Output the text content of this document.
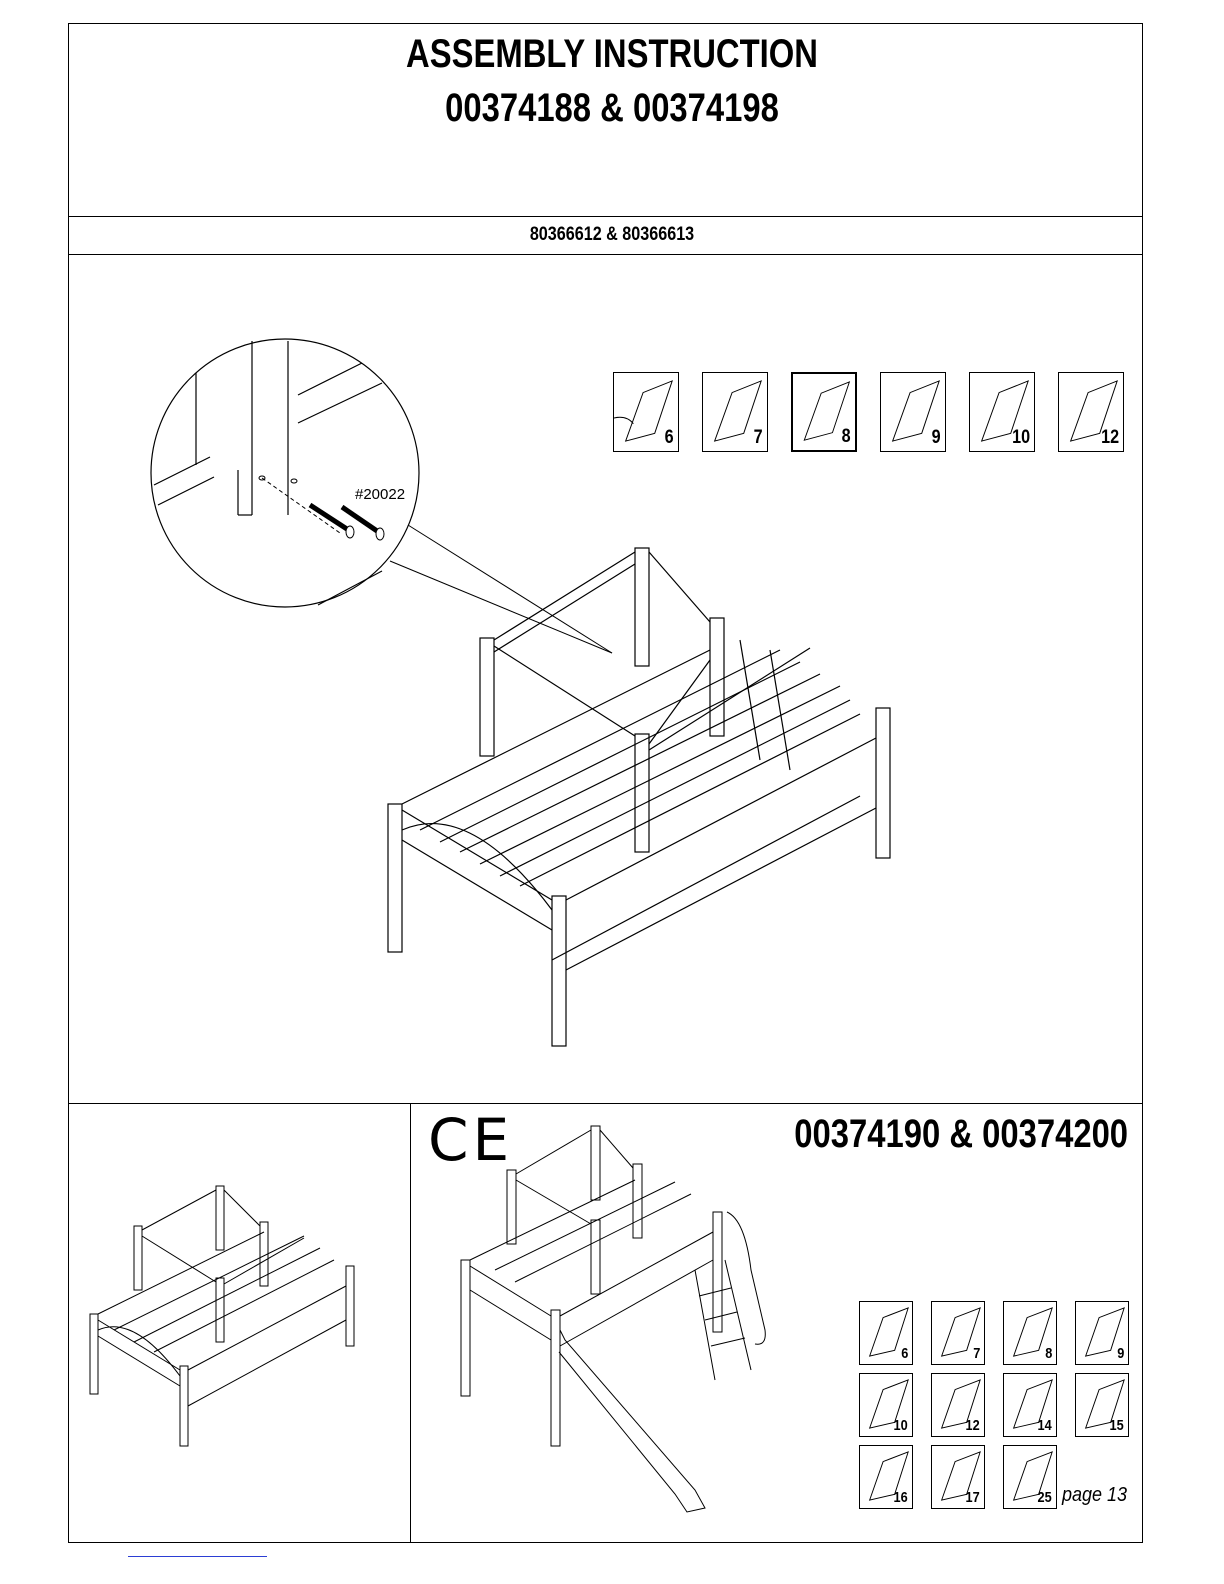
ASSEMBLY INSTRUCTION
00374188 & 00374198
80366612 & 80366613
#20022
6	7	8	9	10	12
CE	00374190 & 00374200
6	7	8	9
10	12	14	15
16	17	25 page 13
